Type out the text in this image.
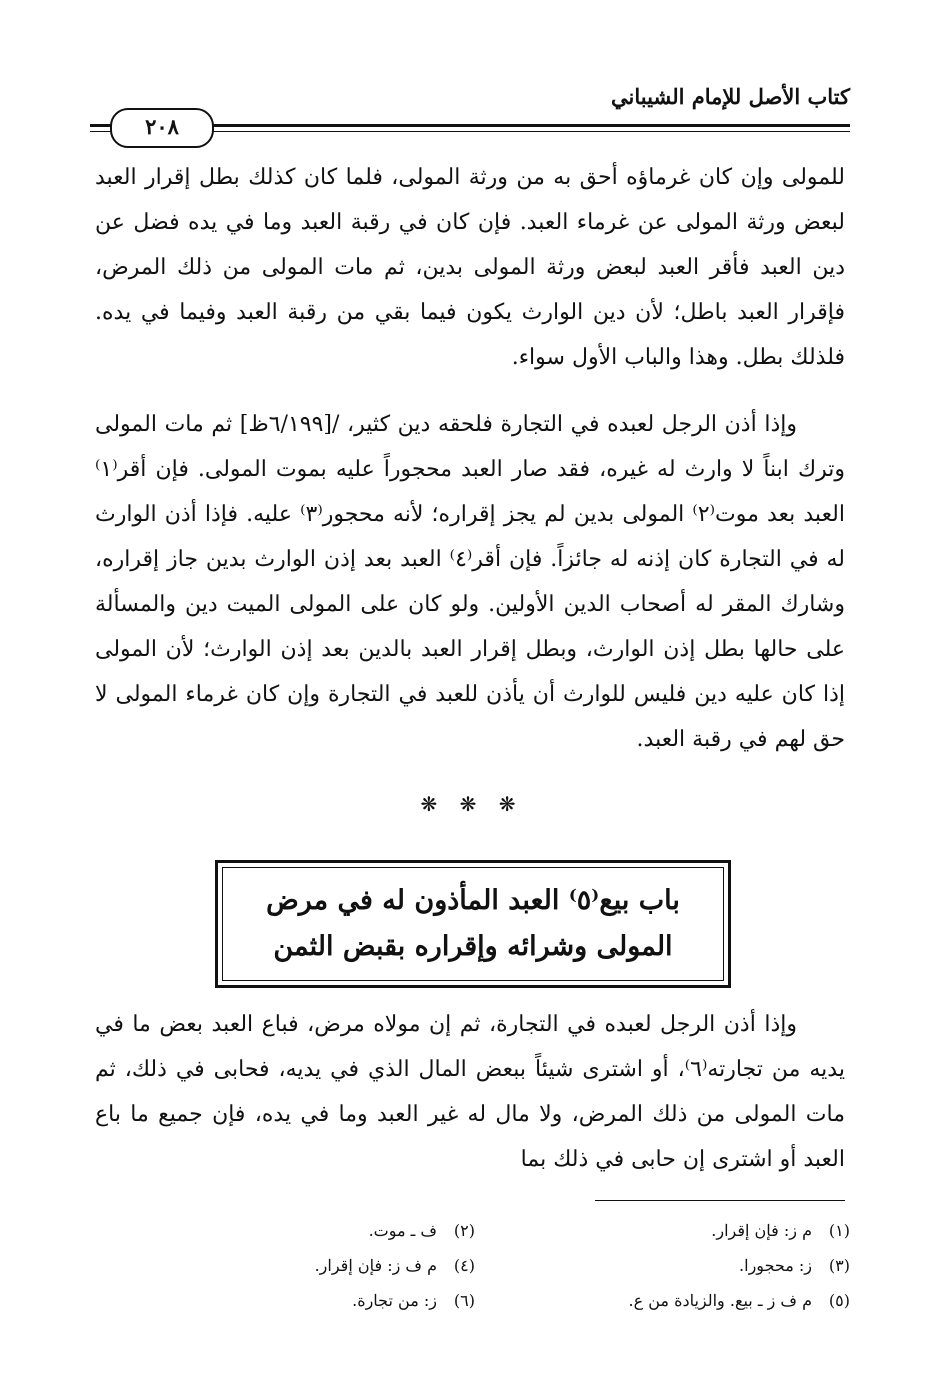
كتاب الأصل للإمام الشيباني
٢٠٨

للمولى وإن كان غرماؤه أحق به من ورثة المولى، فلما كان كذلك بطل إقرار العبد لبعض ورثة المولى عن غرماء العبد. فإن كان في رقبة العبد وما في يده فضل عن دين العبد فأقر العبد لبعض ورثة المولى بدين، ثم مات المولى من ذلك المرض، فإقرار العبد باطل؛ لأن دين الوارث يكون فيما بقي من رقبة العبد وفيما في يده. فلذلك بطل. وهذا والباب الأول سواء.

وإذا أذن الرجل لعبده في التجارة فلحقه دين كثير، /[٦/١٩٩ظ] ثم مات المولى وترك ابناً لا وارث له غيره، فقد صار العبد محجوراً عليه بموت المولى. فإن أقر⁽١⁾ العبد بعد موت⁽٢⁾ المولى بدين لم يجز إقراره؛ لأنه محجور⁽٣⁾ عليه. فإذا أذن الوارث له في التجارة كان إذنه له جائزاً. فإن أقر⁽٤⁾ العبد بعد إذن الوارث بدين جاز إقراره، وشارك المقر له أصحاب الدين الأولين. ولو كان على المولى الميت دين والمسألة على حالها بطل إذن الوارث، وبطل إقرار العبد بالدين بعد إذن الوارث؛ لأن المولى إذا كان عليه دين فليس للوارث أن يأذن للعبد في التجارة وإن كان غرماء المولى لا حق لهم في رقبة العبد.

❋ ❋ ❋
باب بيع⁽٥⁾ العبد المأذون له في مرض
المولى وشرائه وإقراره بقبض الثمن

وإذا أذن الرجل لعبده في التجارة، ثم إن مولاه مرض، فباع العبد بعض ما في يديه من تجارته⁽٦⁾، أو اشترى شيئاً ببعض المال الذي في يديه، فحابى في ذلك، ثم مات المولى من ذلك المرض، ولا مال له غير العبد وما في يده، فإن جميع ما باع العبد أو اشترى إن حابى في ذلك بما

(١)م ز: فإن إقرار.
(٢)ف ـ موت.
(٣)ز: محجورا.
(٤)م ف ز: فإن إقرار.
(٥)م ف ز ـ بيع. والزيادة من ع.
(٦)ز: من تجارة.
